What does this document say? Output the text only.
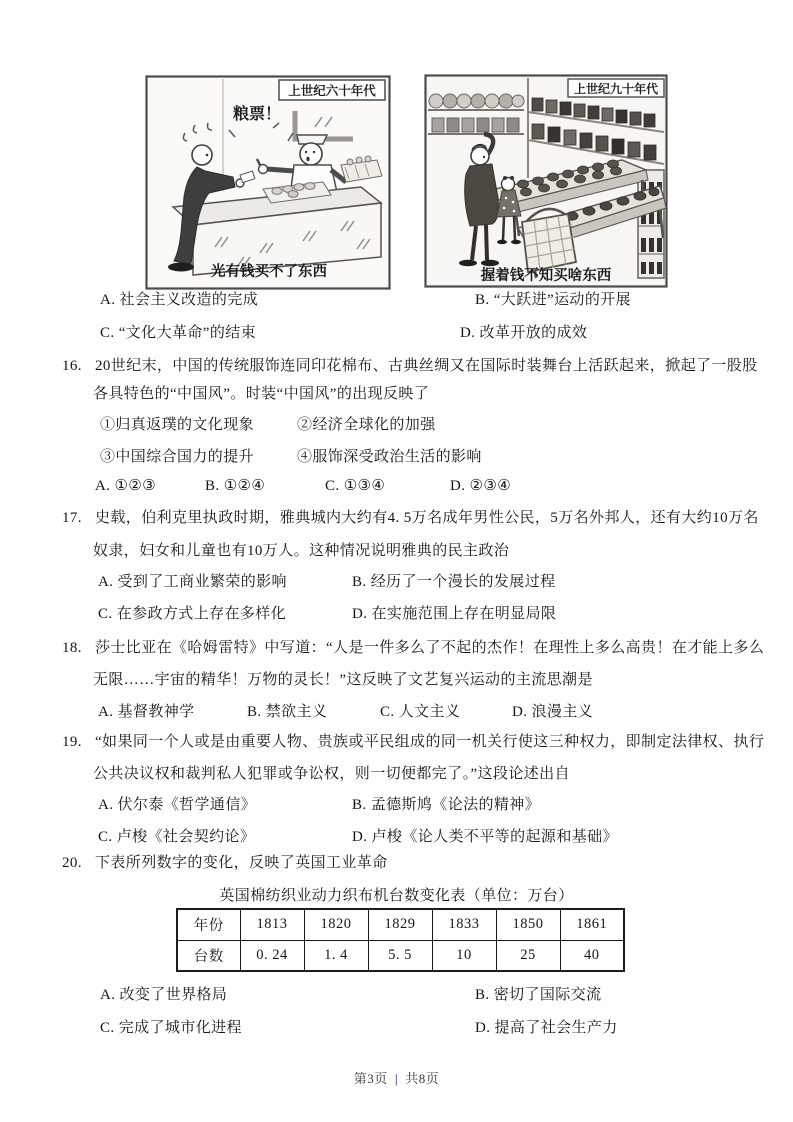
上世纪六十年代
粮票！
光有钱买不了东西
上世纪九十年代
握着钱不知买啥东西
A. 社会主义改造的完成	B. “大跃进”运动的开展
C. “文化大革命”的结束	D. 改革开放的成效
16. 20世纪末，中国的传统服饰连同印花棉布、古典丝绸又在国际时装舞台上活跃起来，掀起了一股股
各具特色的“中国风”。时装“中国风”的出现反映了
①归真返璞的文化现象	②经济全球化的加强
③中国综合国力的提升	④服饰深受政治生活的影响
A. ①②③	B. ①②④	C. ①③④	D. ②③④
17. 史载，伯利克里执政时期，雅典城内大约有4. 5万名成年男性公民，5万名外邦人，还有大约10万名
奴隶，妇女和儿童也有10万人。这种情况说明雅典的民主政治
A. 受到了工商业繁荣的影响	B. 经历了一个漫长的发展过程
C. 在参政方式上存在多样化	D. 在实施范围上存在明显局限
18. 莎士比亚在《哈姆雷特》中写道：“人是一件多么了不起的杰作！在理性上多么高贵！在才能上多么
无限……宇宙的精华！万物的灵长！”这反映了文艺复兴运动的主流思潮是
A. 基督教神学	B. 禁欲主义	C. 人文主义	D. 浪漫主义
19. “如果同一个人或是由重要人物、贵族或平民组成的同一机关行使这三种权力，即制定法律权、执行
公共决议权和裁判私人犯罪或争讼权，则一切便都完了。”这段论述出自
A. 伏尔泰《哲学通信》	B. 孟德斯鸠《论法的精神》
C. 卢梭《社会契约论》	D. 卢梭《论人类不平等的起源和基础》
20. 下表所列数字的变化，反映了英国工业革命
英国棉纺织业动力织布机台数变化表（单位：万台）
年份	1813	1820	1829	1833	1850	1861
台数	0. 24	1. 4	5. 5	10	25	40
A. 改变了世界格局	B. 密切了国际交流
C. 完成了城市化进程	D. 提高了社会生产力
第3页 | 共8页
